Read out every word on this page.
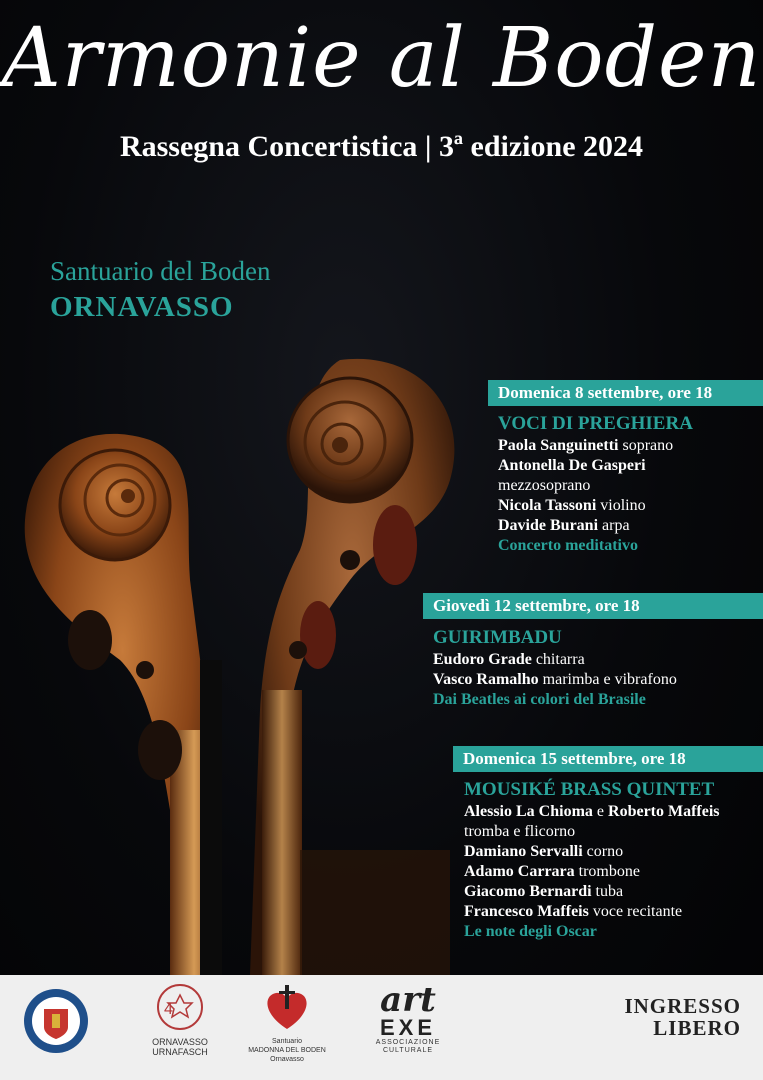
Armonie al Boden
Rassegna Concertistica | 3ª edizione 2024
Santuario del Boden
ORNAVASSO
Domenica 8 settembre, ore 18
VOCI DI PREGHIERA
Paola Sanguinetti soprano
Antonella De Gasperi
mezzosoprano
Nicola Tassoni violino
Davide Burani arpa
Concerto meditativo
Giovedì 12 settembre, ore 18
GUIRIMBADU
Eudoro Grade chitarra
Vasco Ramalho marimba e vibrafono
Dai Beatles ai colori del Brasile
Domenica 15 settembre, ore 18
MOUSIKÉ BRASS QUINTET
Alessio La Chioma e Roberto Maffeis
tromba e flicorno
Damiano Servalli corno
Adamo Carrara trombone
Giacomo Bernardi tuba
Francesco Maffeis voce recitante
Le note degli Oscar
4
ORNAVASSO
URNAFASCH
Santuario
MADONNA DEL BODEN
Ornavasso
art
EXE
ASSOCIAZIONE
CULTURALE
INGRESSO
LIBERO
